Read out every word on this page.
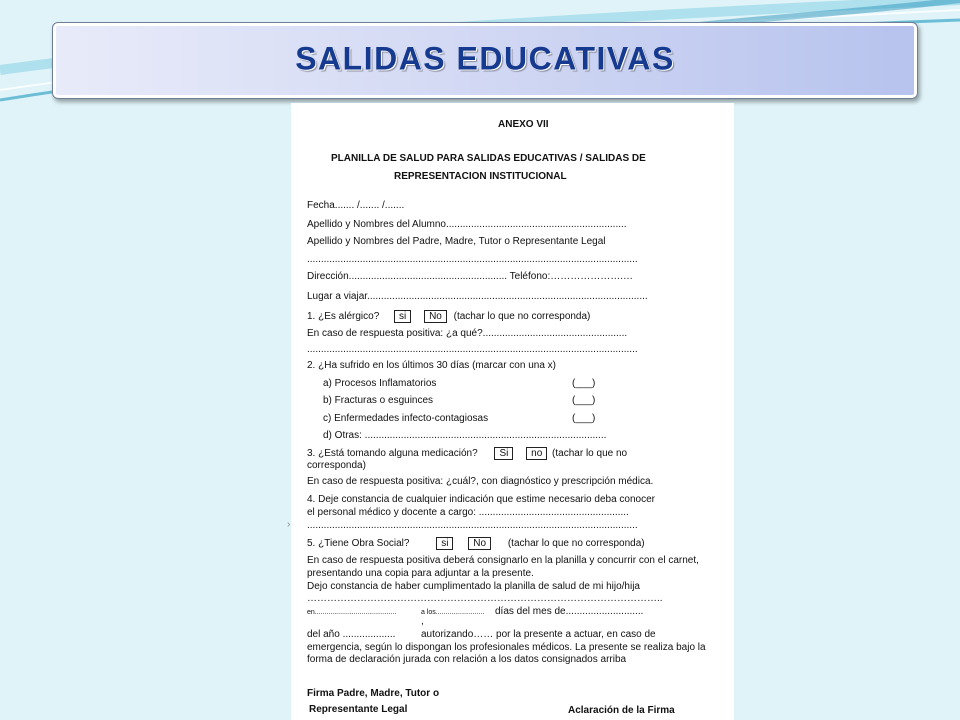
SALIDAS EDUCATIVAS
ANEXO VII
PLANILLA DE SALUD PARA SALIDAS EDUCATIVAS / SALIDAS DE
REPRESENTACION INSTITUCIONAL
Fecha....... /....... /.......
Apellido y Nombres del Alumno.................................................................
Apellido y Nombres del Padre, Madre, Tutor o Representante Legal
.......................................................................................................................
Dirección......................................................... Teléfono:………………….…
Lugar a viajar.....................................................................................................
1. ¿Es alérgico? si No (tachar lo que no corresponda)
En caso de respuesta positiva: ¿a qué?....................................................
.......................................................................................................................
2. ¿Ha sufrido en los últimos 30 días (marcar con una x)
a) Procesos Inflamatorios	(___)
b) Fracturas o esguinces	(___)
c) Enfermedades infecto-contagiosas	(___)
d) Otras: .......................................................................................
3. ¿Está tomando alguna medicación? Si no (tachar lo que no
corresponda)
En caso de respuesta positiva: ¿cuál?, con diagnóstico y prescripción médica.
4. Deje constancia de cualquier indicación que estime necesario deba conocer
el personal médico y docente a cargo: ......................................................
.......................................................................................................................
5. ¿Tiene Obra Social?	si No (tachar lo que no corresponda)
En caso de respuesta positiva deberá consignarlo en la planilla y concurrir con el carnet,
presentando una copia para adjuntar a la presente.
Dejo constancia de haber cumplimentado la planilla de salud de mi hijo/hija
……………………………………………………………………………………………..
en..........................................	a los......................... días del mes de............................
,
del año ...................	autorizando…… por la presente a actuar, en caso de
emergencia, según lo dispongan los profesionales médicos. La presente se realiza bajo la
forma de declaración jurada con relación a los datos consignados arriba
Firma Padre, Madre, Tutor o
Representante Legal	Aclaración de la Firma
›
